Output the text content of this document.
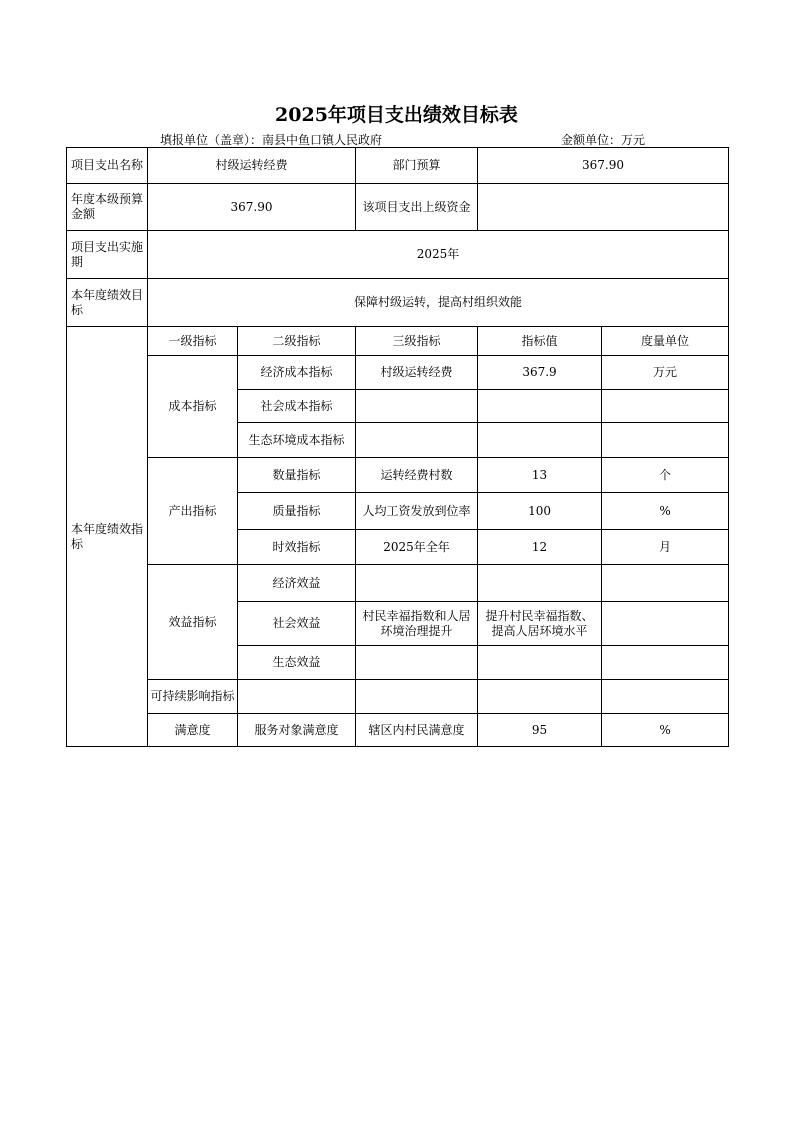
2025年项目支出绩效目标表
填报单位（盖章）：南县中鱼口镇人民政府	金额单位：万元
项目支出名称	村级运转经费		部门预算	367.90	
年度本级预算金额	367.90		该项目支出上级资金		
项目支出实施期	2025年				
本年度绩效目标	保障村级运转，提高村组织效能				
本年度绩效指标	一级指标	二级指标	三级指标	指标值	度量单位
	成本指标	经济成本指标	村级运转经费	367.9	万元
		社会成本指标			
		生态环境成本指标			
	产出指标	数量指标	运转经费村数	13	个
		质量指标	人均工资发放到位率	100	%
		时效指标	2025年全年	12	月
	效益指标	经济效益			
		社会效益	村民幸福指数和人居环境治理提升	提升村民幸福指数、提高人居环境水平	
		生态效益			
	可持续影响指标				
	满意度	服务对象满意度	辖区内村民满意度	95	%
